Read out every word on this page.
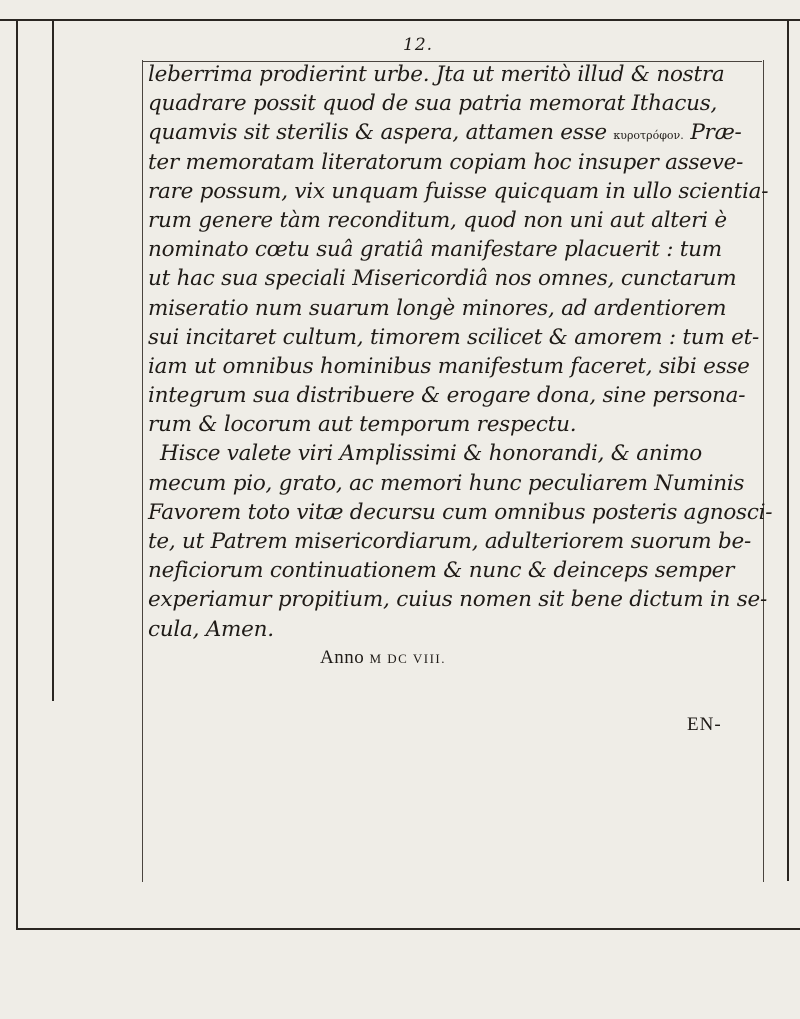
12.
leberrima prodierint urbe. Jta ut meritò illud & nostra
quadrare possit quod de sua patria memorat Ithacus,
quamvis sit sterilis & aspera, attamen esse κυροτρόφον. Præ-
ter memoratam literatorum copiam hoc insuper asseve-
rare possum, vix unquam fuisse quicquam in ullo scientia-
rum genere tàm reconditum, quod non uni aut alteri è
nominato cœtu suâ gratiâ manifestare placuerit : tum
ut hac sua speciali Misericordiâ nos omnes, cunctarum
miseratio num suarum longè minores, ad ardentiorem
sui incitaret cultum, timorem scilicet & amorem : tum et-
iam ut omnibus hominibus manifestum faceret, sibi esse
integrum sua distribuere & erogare dona, sine persona-
rum & locorum aut temporum respectu.
Hisce valete viri Amplissimi & honorandi, & animo
mecum pio, grato, ac memori hunc peculiarem Numinis
Favorem toto vitæ decursu cum omnibus posteris agnosci-
te, ut Patrem misericordiarum, adulteriorem suorum be-
neficiorum continuationem & nunc & deinceps semper
experiamur propitium, cuius nomen sit bene dictum in se-
cula, Amen.
Anno M DC VIII.
EN-
